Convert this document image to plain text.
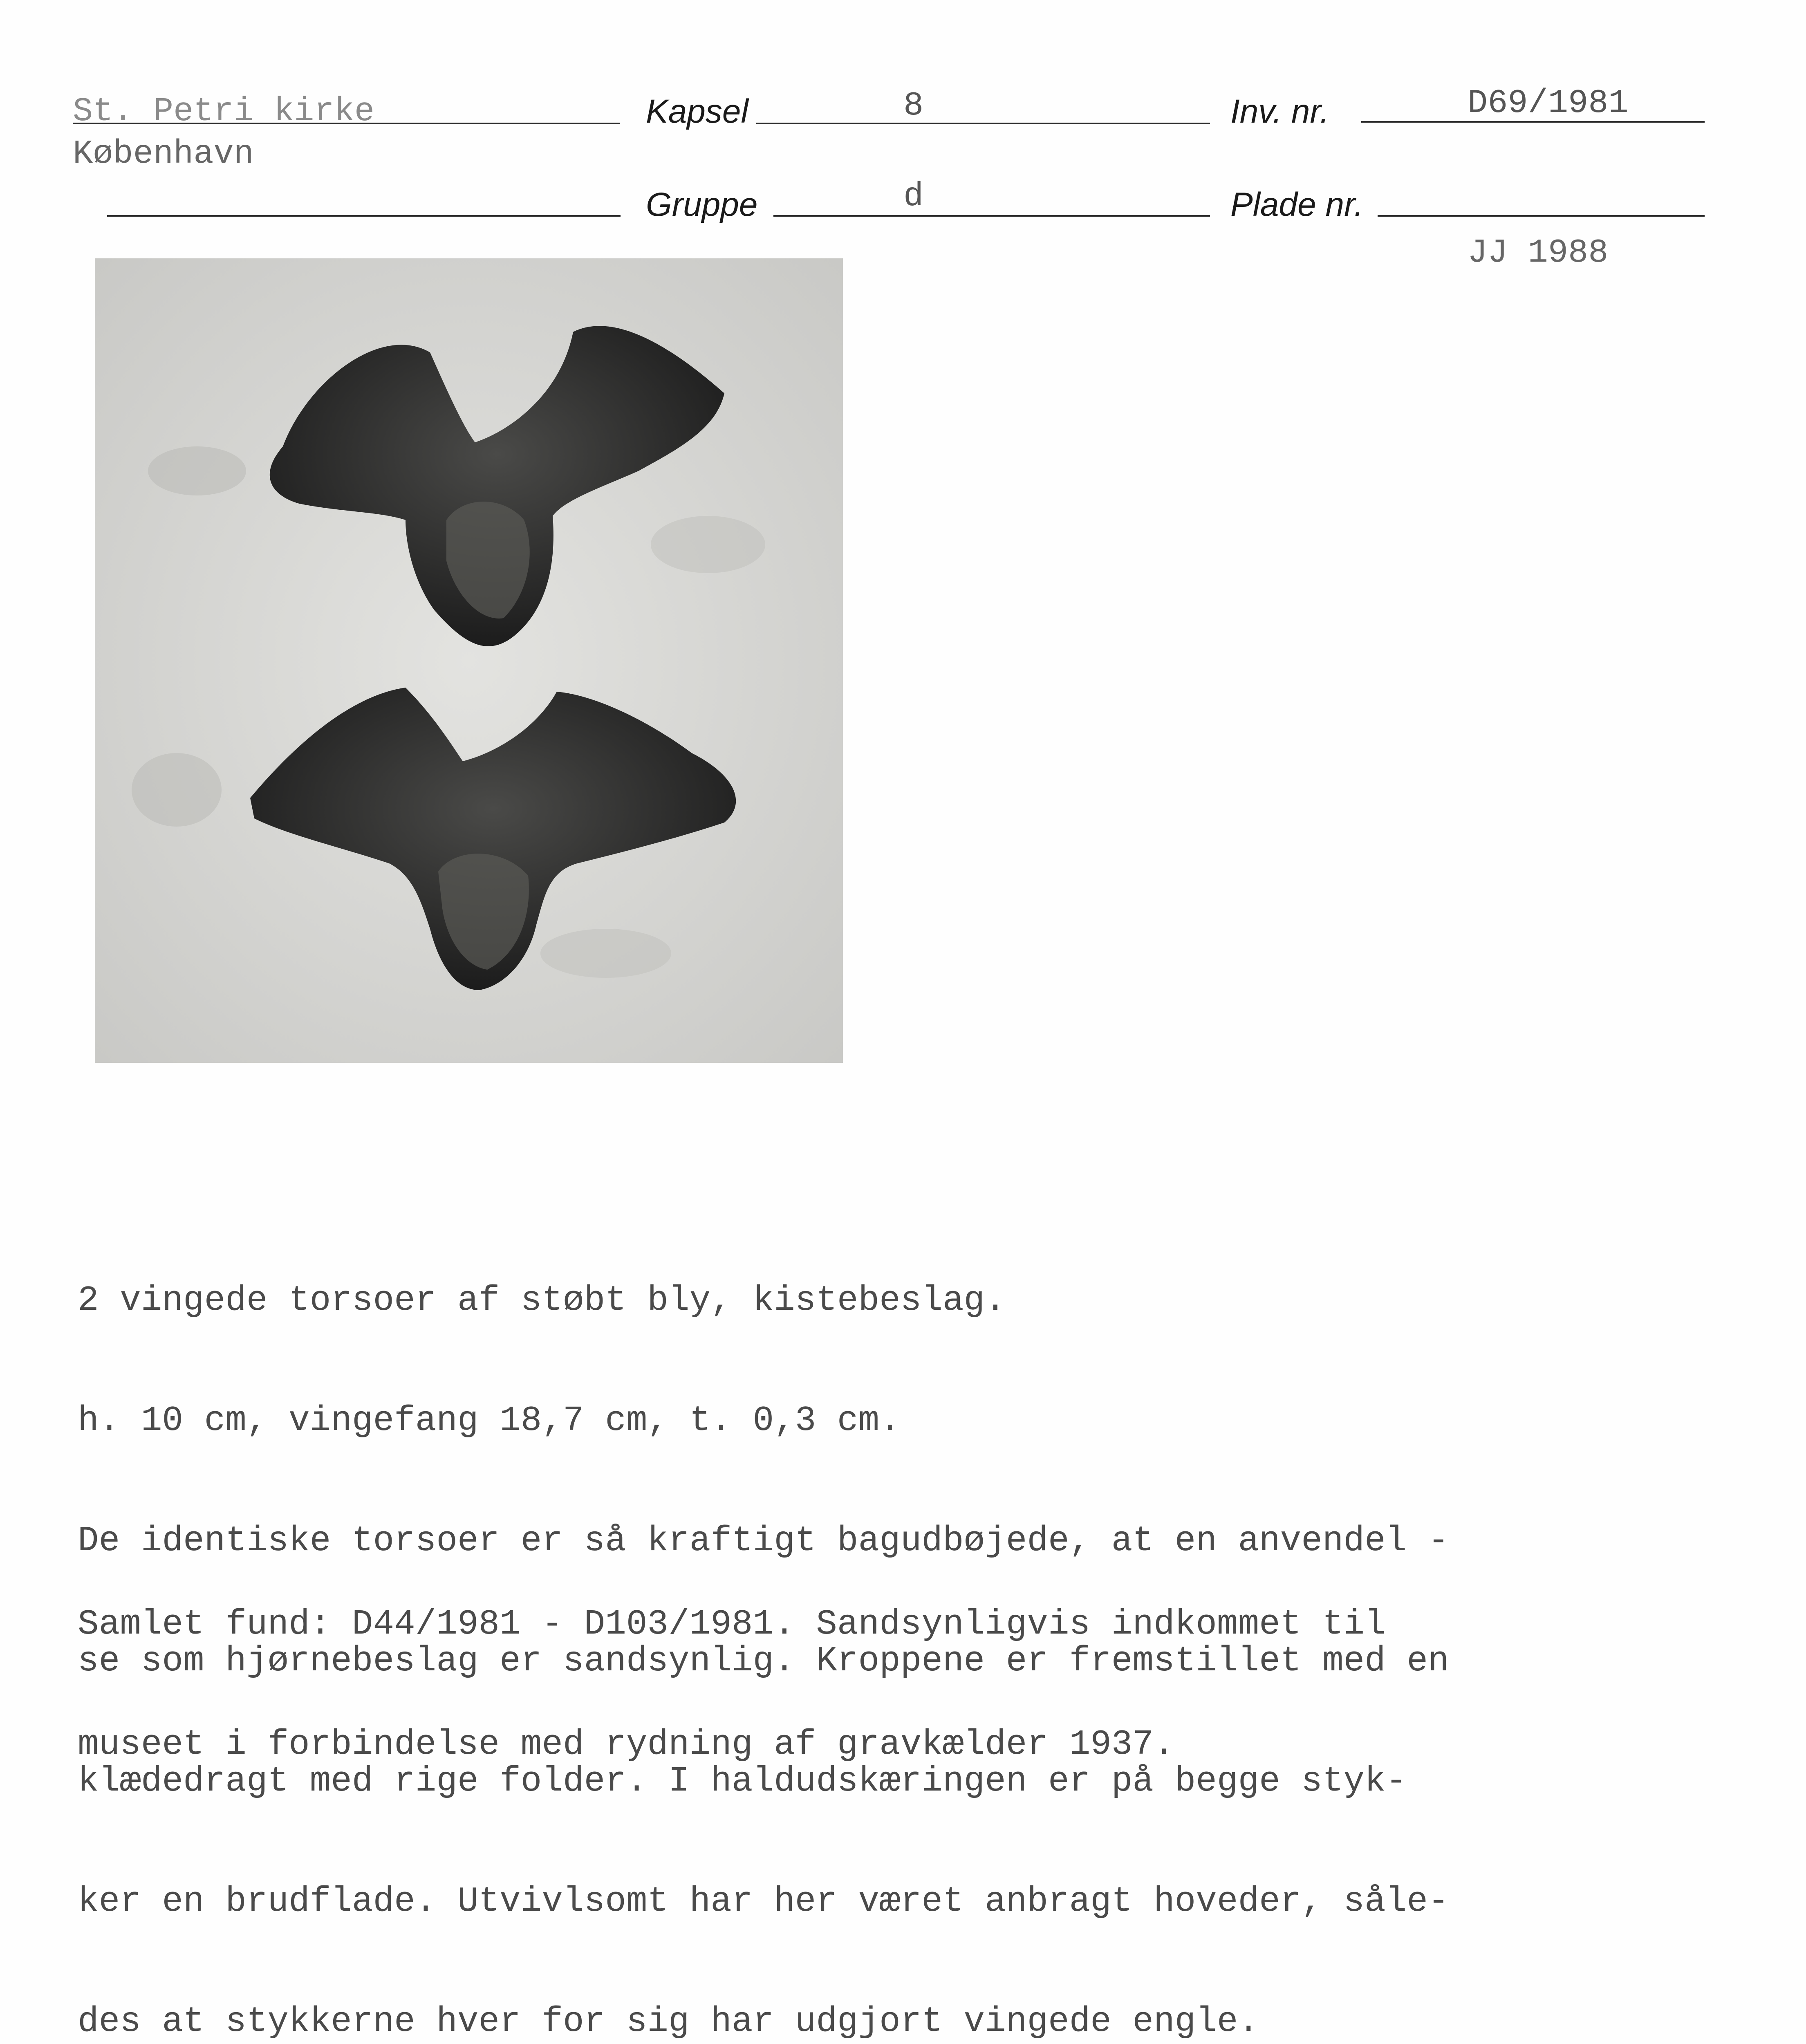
St. Petri kirke	Kapsel	8	Inv. nr.	D69/1981
København
Gruppe	d	Plade nr.
JJ 1988

2 vingede torsoer af støbt bly, kistebeslag.

h. 10 cm, vingefang 18,7 cm, t. 0,3 cm.

De identiske torsoer er så kraftigt bagudbøjede, at en anvendel -

se som hjørnebeslag er sandsynlig. Kroppene er fremstillet med en

klædedragt med rige folder. I haldudskæringen er på begge styk-

ker en brudflade. Utvivlsomt har her været anbragt hoveder, såle-

des at stykkerne hver for sig har udgjort vingede engle.

Samlet fund: D44/1981 - D103/1981. Sandsynligvis indkommet til

museet i forbindelse med rydning af gravkælder 1937.
